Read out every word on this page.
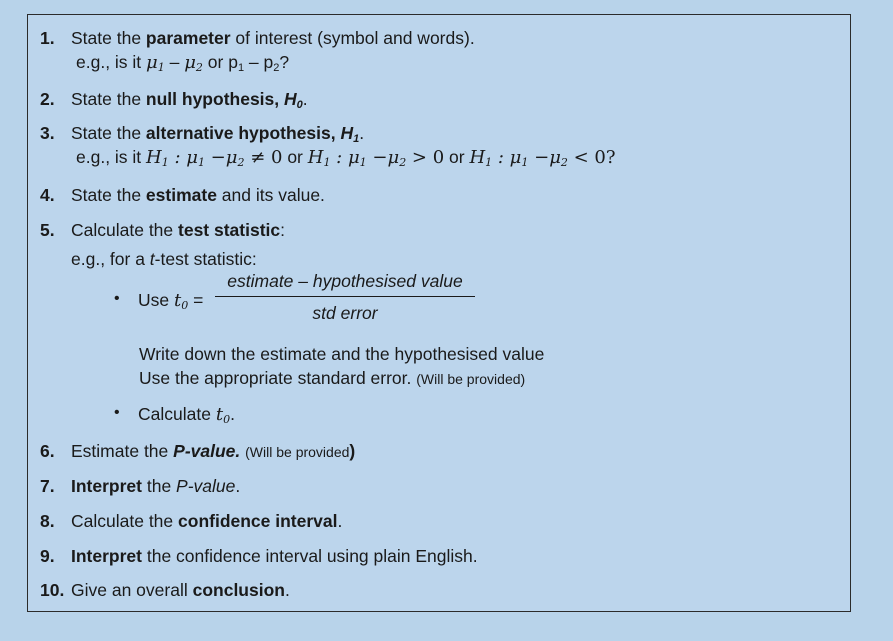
1. State the parameter of interest (symbol and words).
e.g., is it $\mu_1 - \mu_2$ or $p_1 - p_2$?
2. State the null hypothesis, $H_0$.
3. State the alternative hypothesis, $H_1$.
e.g., is it $H_1$ : $\mu_1 -\mu_2 \ne 0$ or $H_1$ : $\mu_1 -\mu_2 > 0$ or $H_1$ : $\mu_1 -\mu_2 < 0$?
4. State the estimate and its value.
5. Calculate the test statistic:
e.g., for a t-test statistic:
• Use $t_0$ =
estimate – hypothesised value
std error
Write down the estimate and the hypothesised value
Use the appropriate standard error. (Will be provided)
• Calculate $t_0$.
6. Estimate the P-value. (Will be provided)
7. Interpret the P-value.
8. Calculate the confidence interval.
9. Interpret the confidence interval using plain English.
10. Give an overall conclusion.
